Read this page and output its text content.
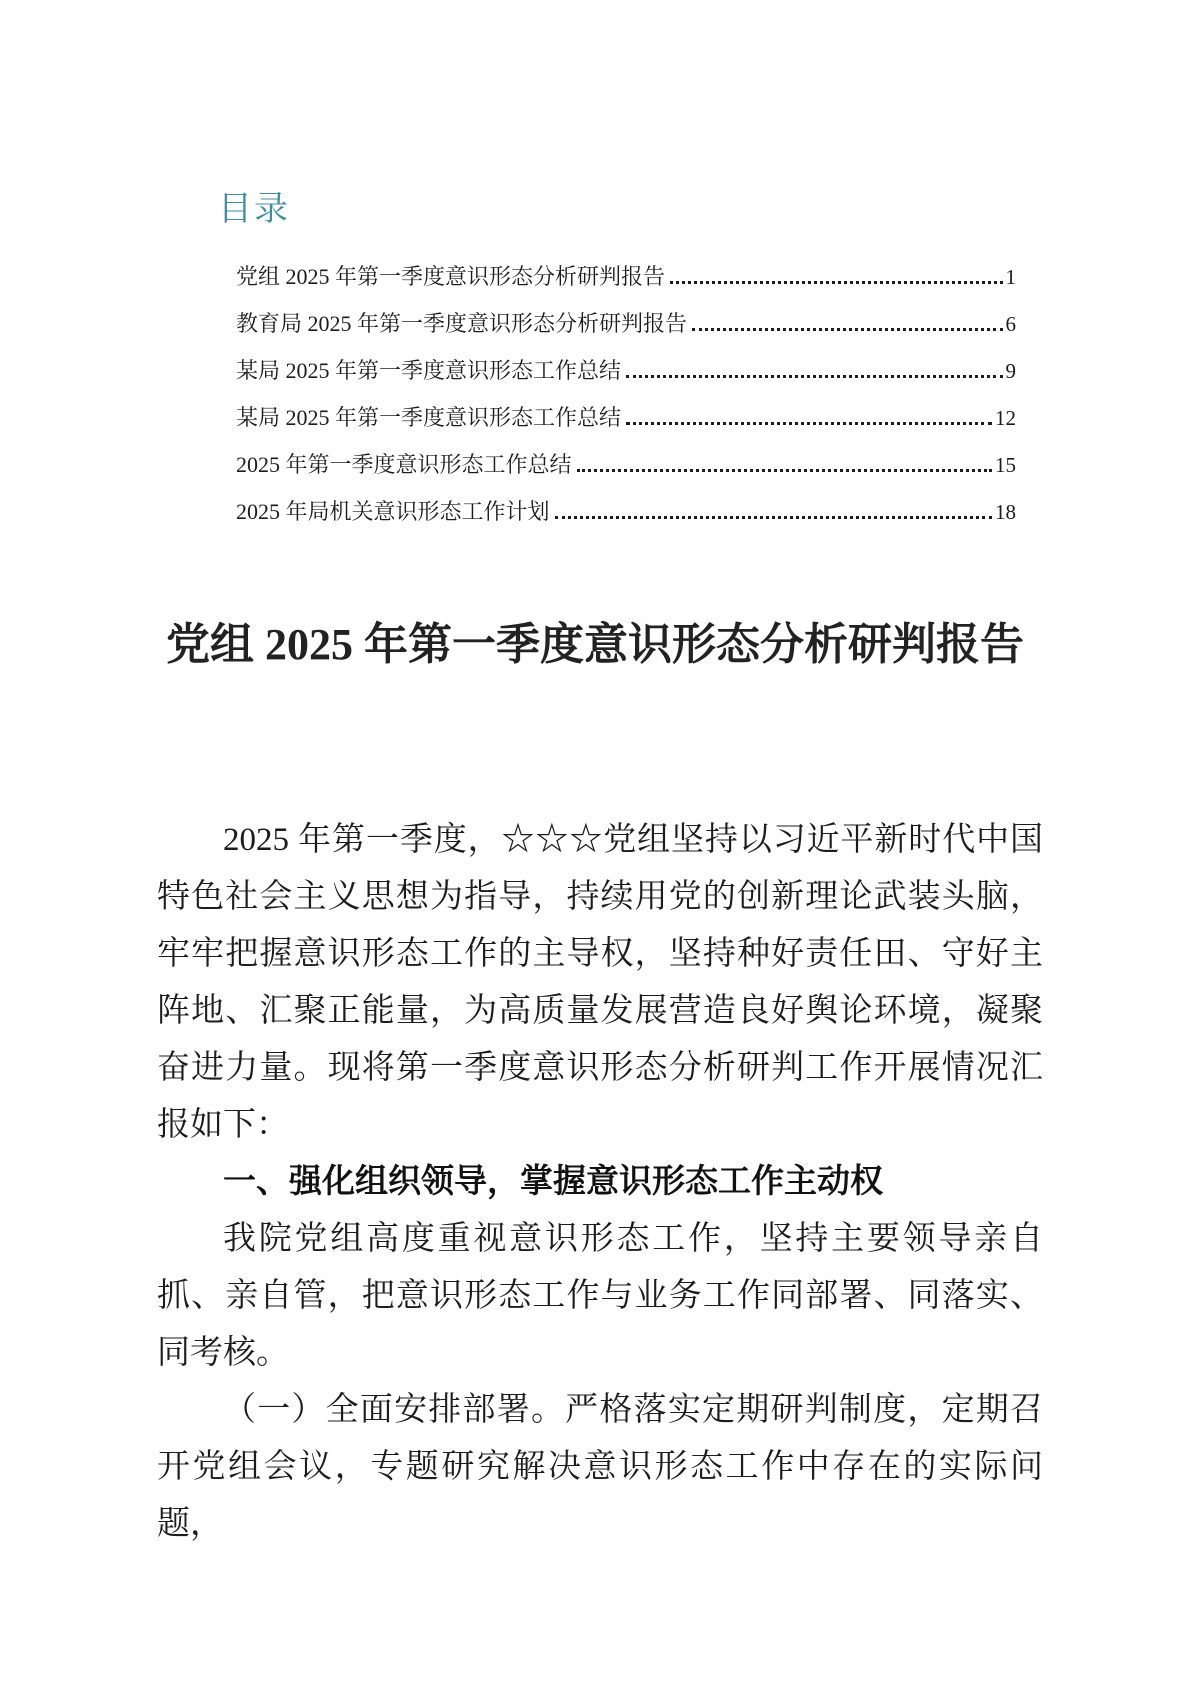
目录
党组 2025 年第一季度意识形态分析研判报告	1
教育局 2025 年第一季度意识形态分析研判报告	6
某局 2025 年第一季度意识形态工作总结	9
某局 2025 年第一季度意识形态工作总结	12
2025 年第一季度意识形态工作总结	15
2025 年局机关意识形态工作计划	18
党组 2025 年第一季度意识形态分析研判报告

2025 年第一季度，☆☆☆党组坚持以习近平新时代中国特色社会主义思想为指导，持续用党的创新理论武装头脑，牢牢把握意识形态工作的主导权，坚持种好责任田、守好主阵地、汇聚正能量，为高质量发展营造良好舆论环境，凝聚奋进力量。现将第一季度意识形态分析研判工作开展情况汇报如下：

一、强化组织领导，掌握意识形态工作主动权

我院党组高度重视意识形态工作，坚持主要领导亲自抓、亲自管，把意识形态工作与业务工作同部署、同落实、同考核。

（一）全面安排部署。严格落实定期研判制度，定期召开党组会议，专题研究解决意识形态工作中存在的实际问题，
